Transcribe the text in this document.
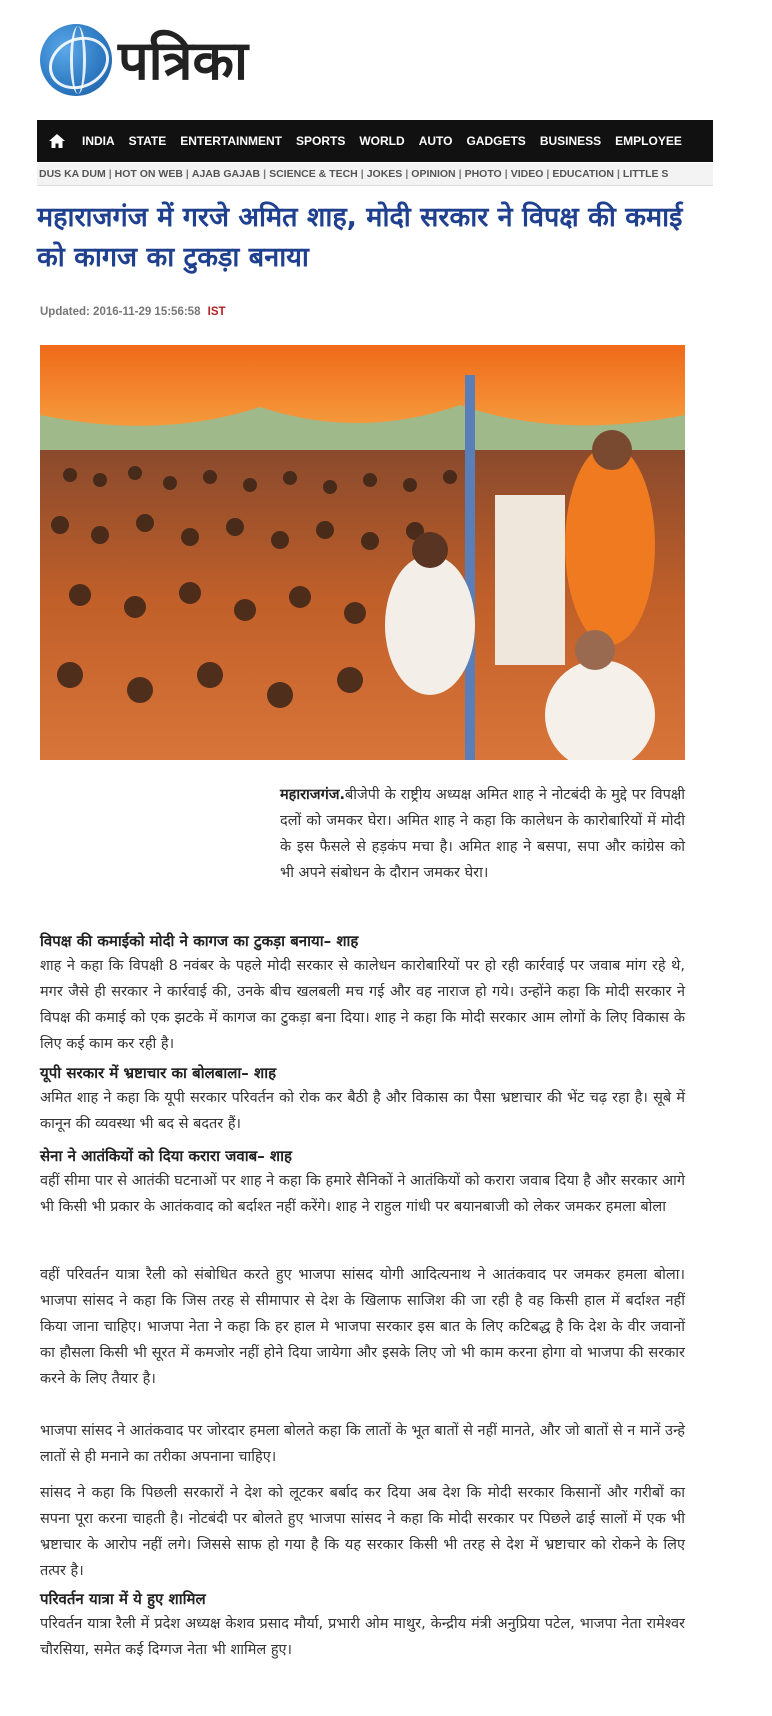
पत्रिका
INDIA	STATE	ENTERTAINMENT	SPORTS	WORLD	AUTO	GADGETS	BUSINESS	EMPLOYEE
DUS KA DUM | HOT ON WEB | AJAB GAJAB | SCIENCE & TECH | JOKES | OPINION | PHOTO | VIDEO | EDUCATION | LITTLE S
महाराजगंज में गरजे अमित शाह, मोदी सरकार ने विपक्ष की कमाई को कागज का टुकड़ा बनाया
Updated: 2016-11-29 15:56:58 IST

महाराजगंज.बीजेपी के राष्ट्रीय अध्यक्ष अमित शाह ने नोटबंदी के मुद्दे पर विपक्षी दलों को जमकर घेरा। अमित शाह ने कहा कि कालेधन के कारोबारियों में मोदी के इस फैसले से हड़कंप मचा है। अमित शाह ने बसपा, सपा और कांग्रेस को भी अपने संबोधन के दौरान जमकर घेरा।

विपक्ष की कमाईको मोदी ने कागज का टुकड़ा बनाया– शाह

शाह ने कहा कि विपक्षी 8 नवंबर के पहले मोदी सरकार से कालेधन कारोबारियों पर हो रही कार्रवाई पर जवाब मांग रहे थे, मगर जैसे ही सरकार ने कार्रवाई की, उनके बीच खलबली मच गई और वह नाराज हो गये। उन्होंने कहा कि मोदी सरकार ने विपक्ष की कमाई को एक झटके में कागज का टुकड़ा बना दिया। शाह ने कहा कि मोदी सरकार आम लोगों के लिए विकास के लिए कई काम कर रही है।

यूपी सरकार में भ्रष्टाचार का बोलबाला– शाह

अमित शाह ने कहा कि यूपी सरकार परिवर्तन को रोक कर बैठी है और विकास का पैसा भ्रष्टाचार की भेंट चढ़ रहा है। सूबे में कानून की व्यवस्था भी बद से बदतर हैं।

सेना ने आतंकियों को दिया करारा जवाब– शाह

वहीं सीमा पार से आतंकी घटनाओं पर शाह ने कहा कि हमारे सैनिकों ने आतंकियों को करारा जवाब दिया है और सरकार आगे भी किसी भी प्रकार के आतंकवाद को बर्दाश्त नहीं करेंगे। शाह ने राहुल गांधी पर बयानबाजी को लेकर जमकर हमला बोला

वहीं परिवर्तन यात्रा रैली को संबोधित करते हुए भाजपा सांसद योगी आदित्यनाथ ने आतंकवाद पर जमकर हमला बोला। भाजपा सांसद ने कहा कि जिस तरह से सीमापार से देश के खिलाफ साजिश की जा रही है वह किसी हाल में बर्दाश्त नहीं किया जाना चाहिए। भाजपा नेता ने कहा कि हर हाल मे भाजपा सरकार इस बात के लिए कटिबद्ध है कि देश के वीर जवानों का हौसला किसी भी सूरत में कमजोर नहीं होने दिया जायेगा और इसके लिए जो भी काम करना होगा वो भाजपा की सरकार करने के लिए तैयार है।

भाजपा सांसद ने आतंकवाद पर जोरदार हमला बोलते कहा कि लातों के भूत बातों से नहीं मानते, और जो बातों से न मानें उन्हे लातों से ही मनाने का तरीका अपनाना चाहिए।

सांसद ने कहा कि पिछली सरकारों ने देश को लूटकर बर्बाद कर दिया अब देश कि मोदी सरकार किसानों और गरीबों का सपना पूरा करना चाहती है। नोटबंदी पर बोलते हुए भाजपा सांसद ने कहा कि मोदी सरकार पर पिछले ढाई सालों में एक भी भ्रष्टाचार के आरोप नहीं लगे। जिससे साफ हो गया है कि यह सरकार किसी भी तरह से देश में भ्रष्टाचार को रोकने के लिए तत्पर है।

परिवर्तन यात्रा में ये हुए शामिल

परिवर्तन यात्रा रैली में प्रदेश अध्यक्ष केशव प्रसाद मौर्या, प्रभारी ओम माथुर, केन्द्रीय मंत्री अनुप्रिया पटेल, भाजपा नेता रामेश्वर चौरसिया, समेत कई दिग्गज नेता भी शामिल हुए।
